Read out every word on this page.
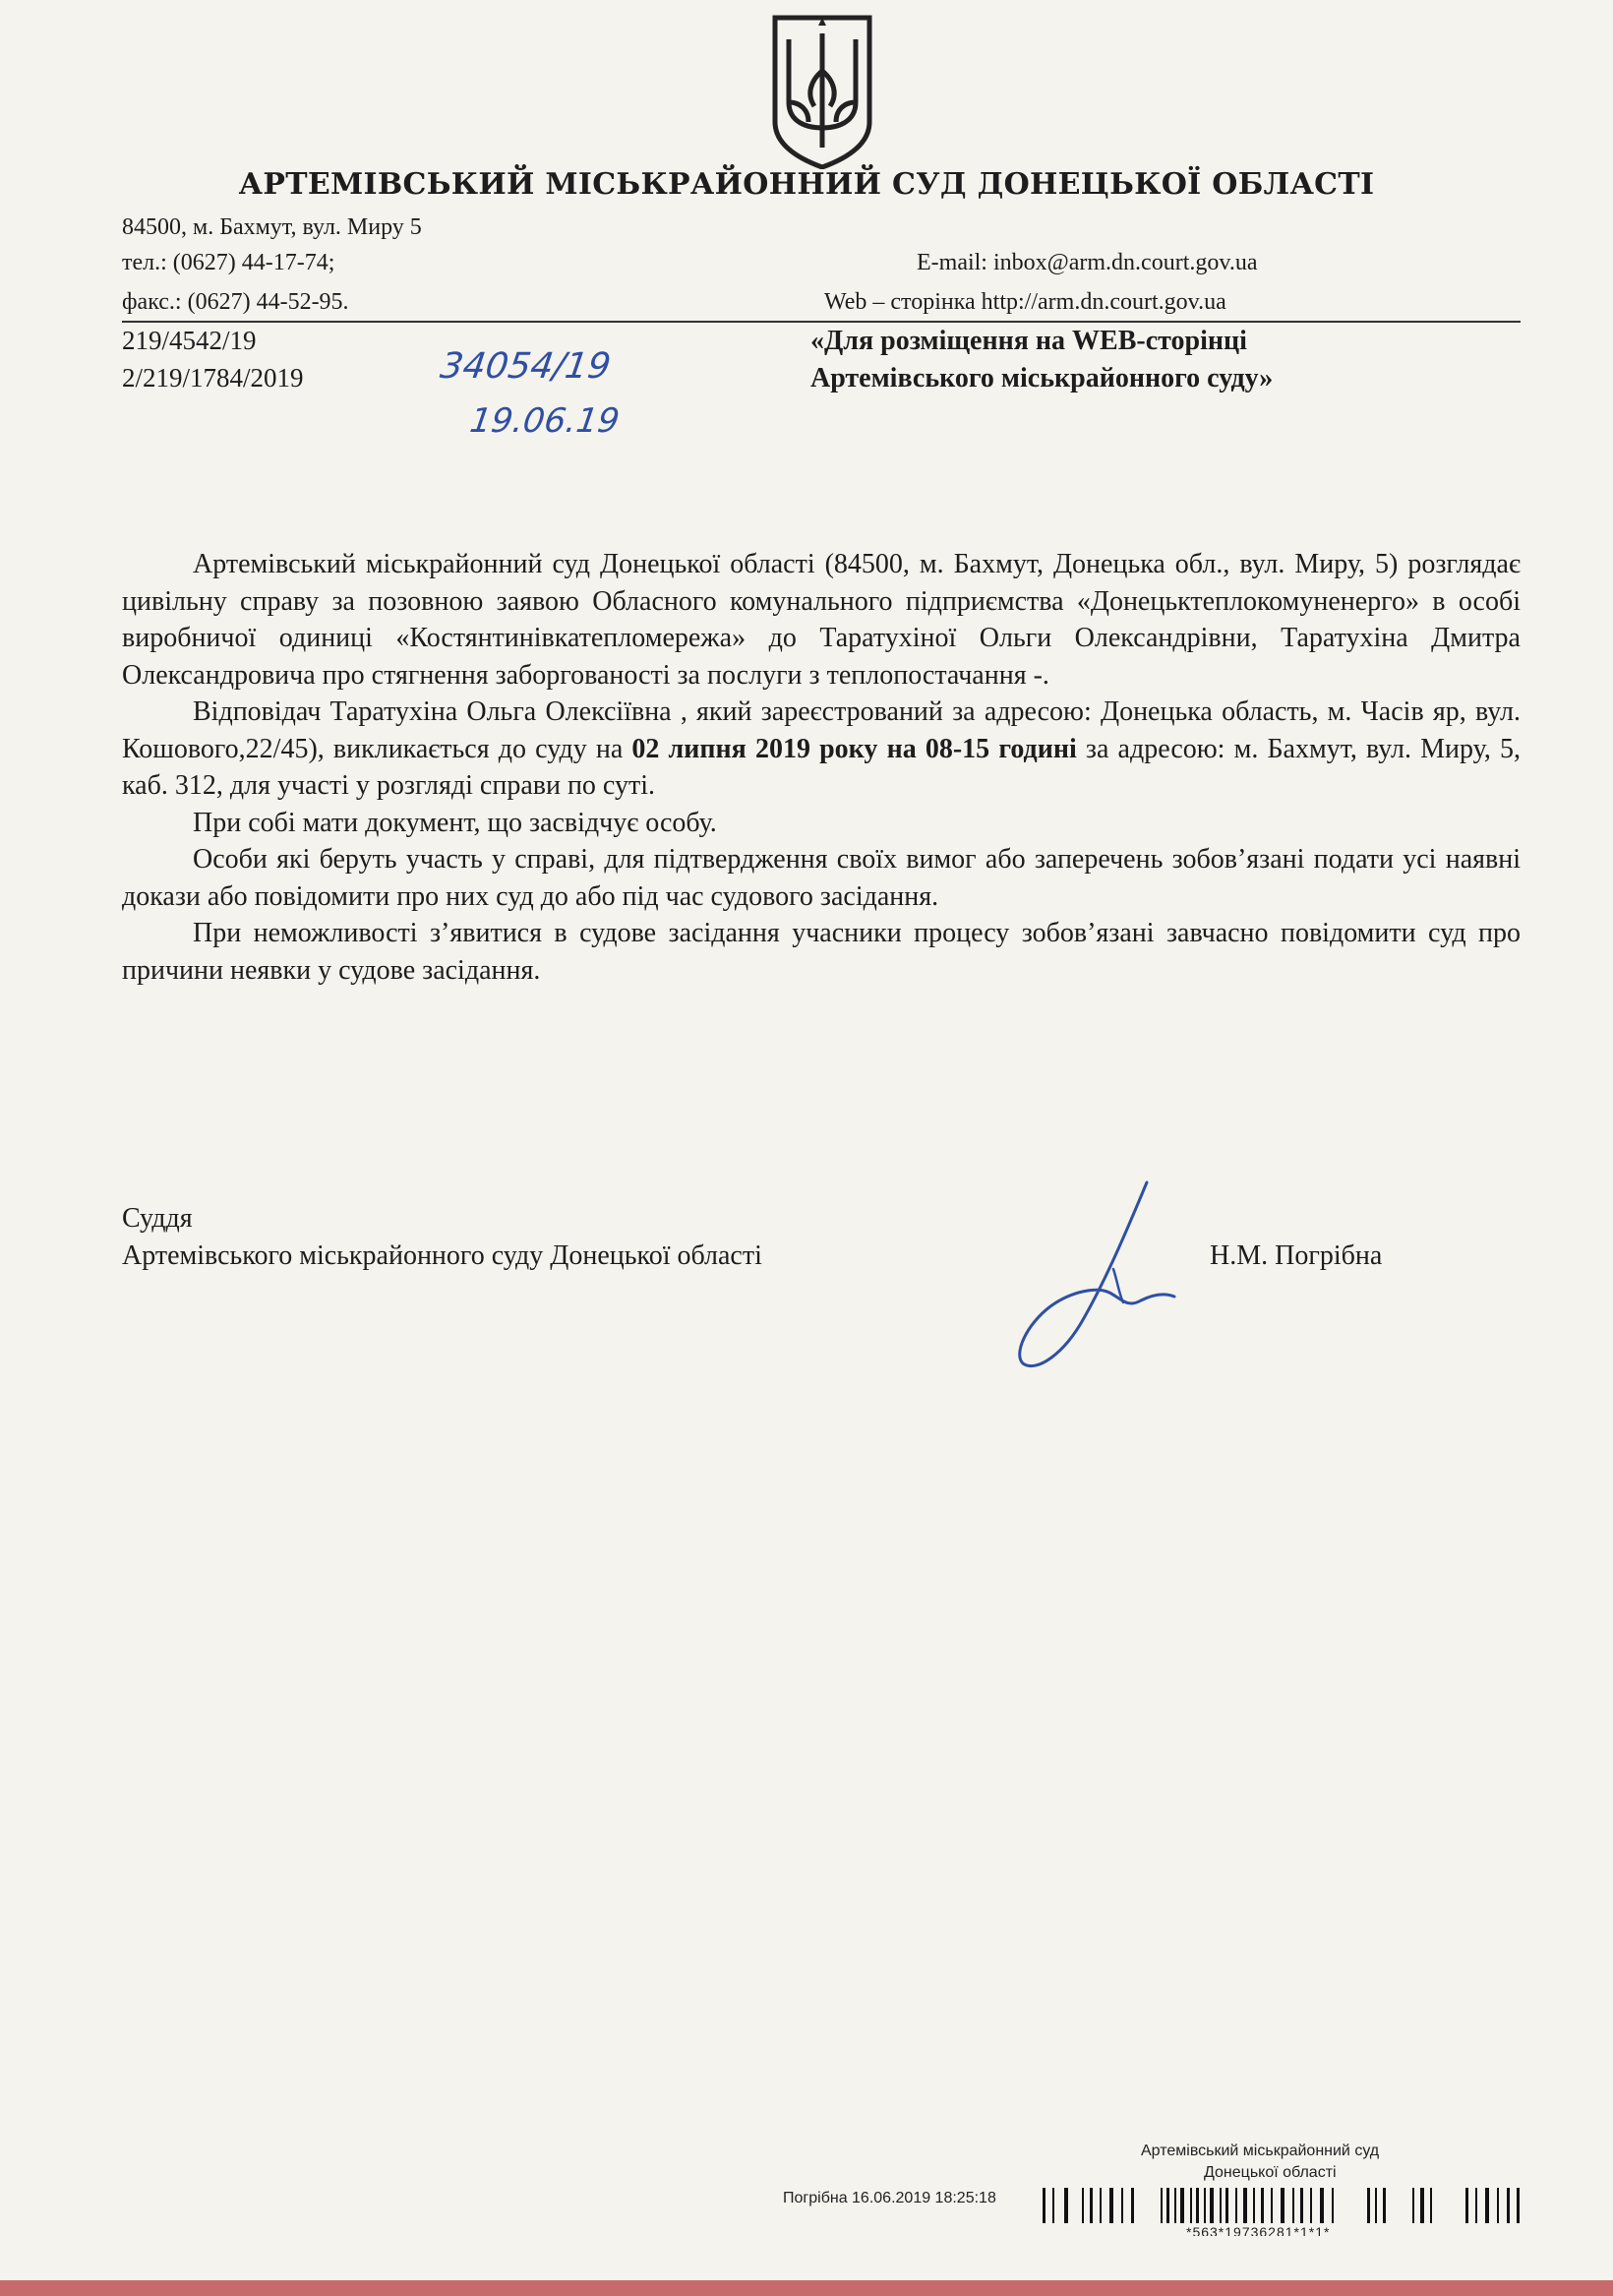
АРТЕМІВСЬКИЙ МІСЬКРАЙОННИЙ СУД ДОНЕЦЬКОЇ ОБЛАСТІ
84500, м. Бахмут, вул. Миру 5
тел.: (0627) 44-17-74;
факс.: (0627) 44-52-95.
E-mail: inbox@arm.dn.court.gov.ua
Web – сторінка http://arm.dn.court.gov.ua
219/4542/19
2/219/1784/2019	34054/19
19.06.19
«Для розміщення на WEB-сторінці
Артемівського міськрайонного суду»

Артемівський міськрайонний суд Донецької області (84500, м. Бахмут, Донецька обл., вул. Миру, 5) розглядає цивільну справу за позовною заявою Обласного комунального підприємства «Донецьктеплокомуненерго» в особі виробничої одиниці «Костянтинівкатепломережа» до Таратухіної Ольги Олександрівни, Таратухіна Дмитра Олександровича про стягнення заборгованості за послуги з теплопостачання -.

Відповідач Таратухіна Ольга Олексіївна , який зареєстрований за адресою: Донецька область, м. Часів яр, вул. Кошового,22/45), викликається до суду на 02 липня 2019 року на 08-15 годині за адресою: м. Бахмут, вул. Миру, 5, каб. 312, для участі у розгляді справи по суті.

При собі мати документ, що засвідчує особу.

Особи які беруть участь у справі, для підтвердження своїх вимог або заперечень зобов’язані подати усі наявні докази або повідомити про них суд до або під час судового засідання.

При неможливості з’явитися в судове засідання учасники процесу зобов’язані завчасно повідомити суд про причини неявки у судове засідання.

Суддя
Артемівського міськрайонного суду Донецької області	Н.М. Погрібна
Артемівський міськрайонний суд
Донецької області
Погрібна 16.06.2019 18:25:18
*563*19736281*1*1*
